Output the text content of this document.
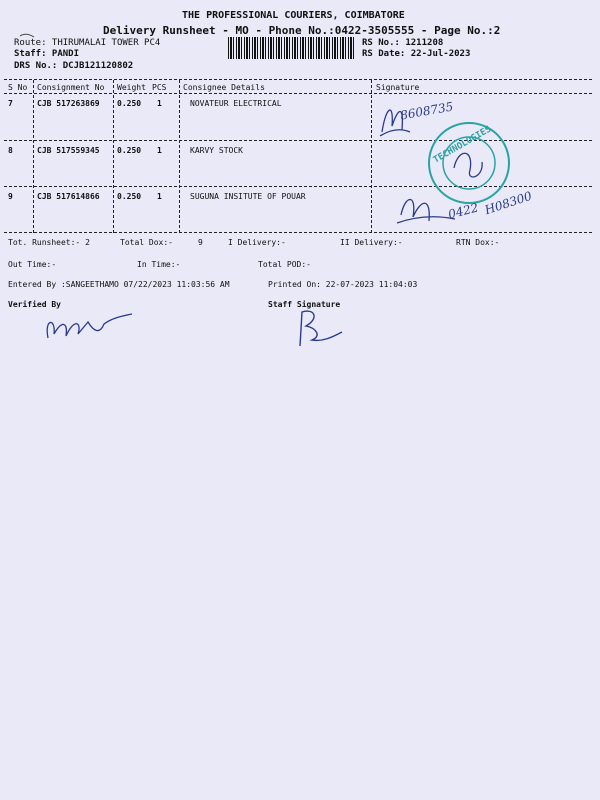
THE PROFESSIONAL COURIERS, COIMBATORE
Delivery Runsheet - MO - Phone No.:0422-3505555 - Page No.:2
Route: THIRUMALAI TOWER PC4
Staff: PANDI
DRS No.: DCJB121120802
RS No.: 1211208
RS Date: 22-Jul-2023
S No Consignment No Weight PCS Consignee Details	Signature
7	CJB 517263869 0.250 1	NOVATEUR ELECTRICAL
8	CJB 517559345 0.250 1	KARVY STOCK
9	CJB 517614866 0.250 1	SUGUNA INSITUTE OF POUAR
Tot. Runsheet:- 2	Total Dox:-	9	I Delivery:-	II Delivery:-	RTN Dox:-
Out Time:-	In Time:-	Total POD:-
Entered By :SANGEETHAMO 07/22/2023 11:03:56 AM	Printed On: 22-07-2023 11:04:03
Verified By	Staff Signature
8608735
TECHNOLOGIES
0422 H08300
